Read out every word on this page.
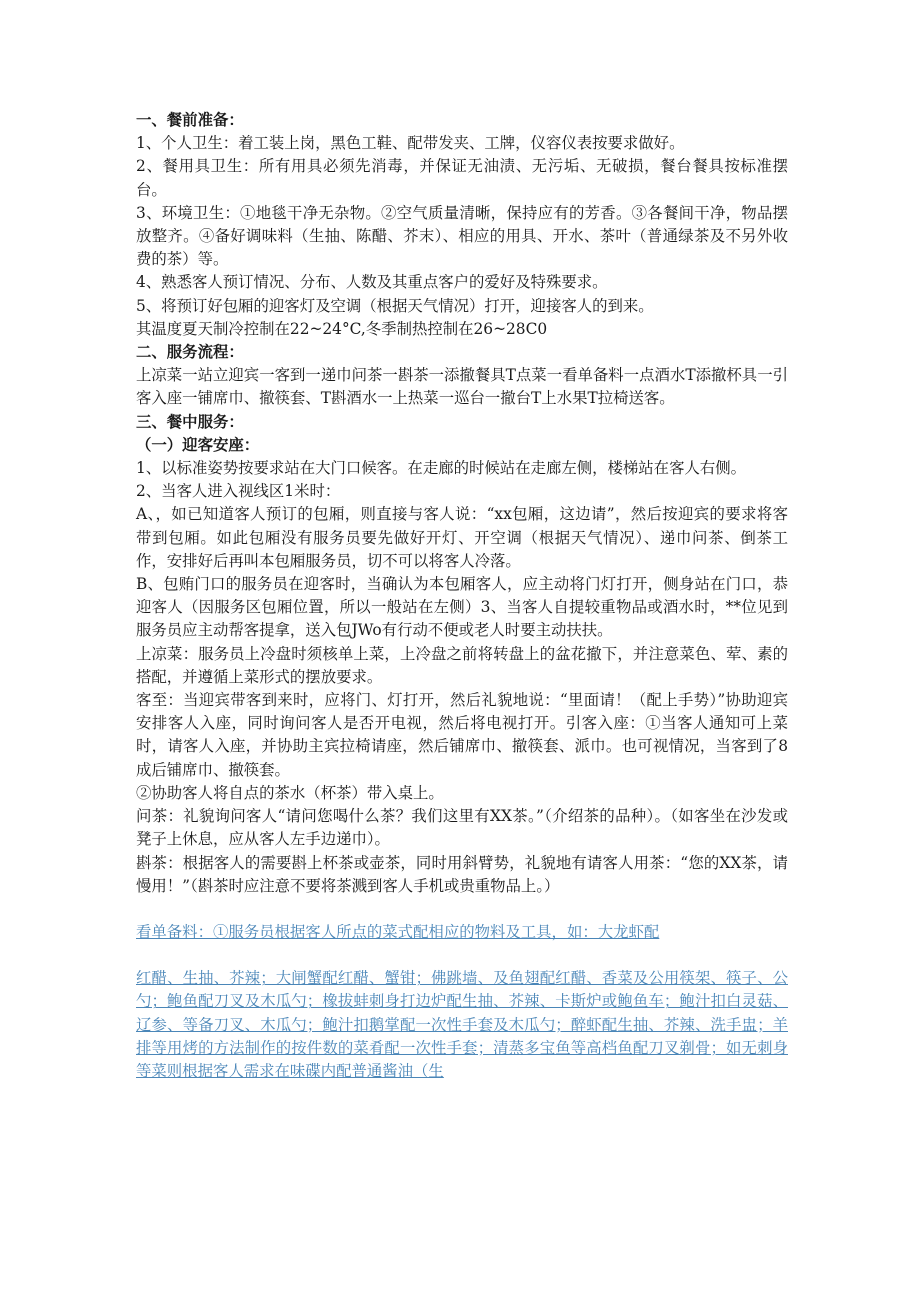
一、餐前准备：

1、个人卫生：着工装上岗，黑色工鞋、配带发夹、工牌，仪容仪表按要求做好。

2、餐用具卫生：所有用具必须先消毒，并保证无油渍、无污垢、无破损，餐台餐具按标准摆台。

3、环境卫生：①地毯干净无杂物。②空气质量清晰，保持应有的芳香。③各餐间干净，物品摆放整齐。④备好调味料（生抽、陈醋、芥末）、相应的用具、开水、茶叶（普通绿茶及不另外收费的茶）等。

4、熟悉客人预订情况、分布、人数及其重点客户的爱好及特殊要求。

5、将预订好包厢的迎客灯及空调（根据天气情况）打开，迎接客人的到来。

其温度夏天制冷控制在22~24°C,冬季制热控制在26~28C0

二、服务流程：

上凉菜一站立迎宾一客到一递巾问茶一斟茶一添撤餐具T点菜一看单备料一点酒水T添撤杯具一引客入座一铺席巾、撤筷套、T斟酒水一上热菜一巡台一撤台T上水果T拉椅送客。

三、餐中服务：

（一）迎客安座：

1、以标准姿势按要求站在大门口候客。在走廊的时候站在走廊左侧，楼梯站在客人右侧。

2、当客人进入视线区1米时：

A、，如已知道客人预订的包厢，则直接与客人说：“xx包厢，这边请”，然后按迎宾的要求将客带到包厢。如此包厢没有服务员要先做好开灯、开空调（根据天气情况）、递巾问茶、倒茶工作，安排好后再叫本包厢服务员，切不可以将客人冷落。

B、包贿门口的服务员在迎客时，当确认为本包厢客人，应主动将门灯打开，侧身站在门口，恭迎客人（因服务区包厢位置，所以一般站在左侧）3、当客人自提较重物品或酒水时，**位见到服务员应主动帮客提拿，送入包JWo有行动不便或老人时要主动扶扶。

上凉菜：服务员上冷盘时须核单上菜，上冷盘之前将转盘上的盆花撤下，并注意菜色、荤、素的搭配，并遵循上菜形式的摆放要求。

客至：当迎宾带客到来时，应将门、灯打开，然后礼貌地说：“里面请！（配上手势）”协助迎宾安排客人入座，同时询问客人是否开电视，然后将电视打开。引客入座：①当客人通知可上菜时，请客人入座，并协助主宾拉椅请座，然后铺席巾、撤筷套、派巾。也可视情况，当客到了8成后铺席巾、撤筷套。

②协助客人将自点的茶水（杯茶）带入桌上。

问茶：礼貌询问客人“请问您喝什么茶？我们这里有XX茶。”（介绍茶的品种）。（如客坐在沙发或凳子上休息，应从客人左手边递巾）。

斟茶：根据客人的需要斟上杯茶或壶茶，同时用斜臂势，礼貌地有请客人用茶：“您的XX茶，请慢用！”（斟茶时应注意不要将茶溅到客人手机或贵重物品上。）

看单备料：①服务员根据客人所点的菜式配相应的物料及工具，如：大龙虾配

红醋、生抽、芥辣；大闸蟹配红醋、蟹钳；佛跳墙、及鱼翅配红醋、香菜及公用筷架、筷子、公勺；鲍鱼配刀叉及木瓜勺；橡拔蚌刺身打边炉配生抽、芥辣、卡斯炉或鲍鱼车；鲍汁扣白灵菇、辽参、等备刀叉、木瓜勺；鲍汁扣鹅掌配一次性手套及木瓜勺；醉虾配生抽、芥辣、洗手盅；羊排等用烤的方法制作的按件数的菜肴配一次性手套；清蒸多宝鱼等高档鱼配刀叉剃骨；如无刺身等菜则根据客人需求在味碟内配普通酱油（生
